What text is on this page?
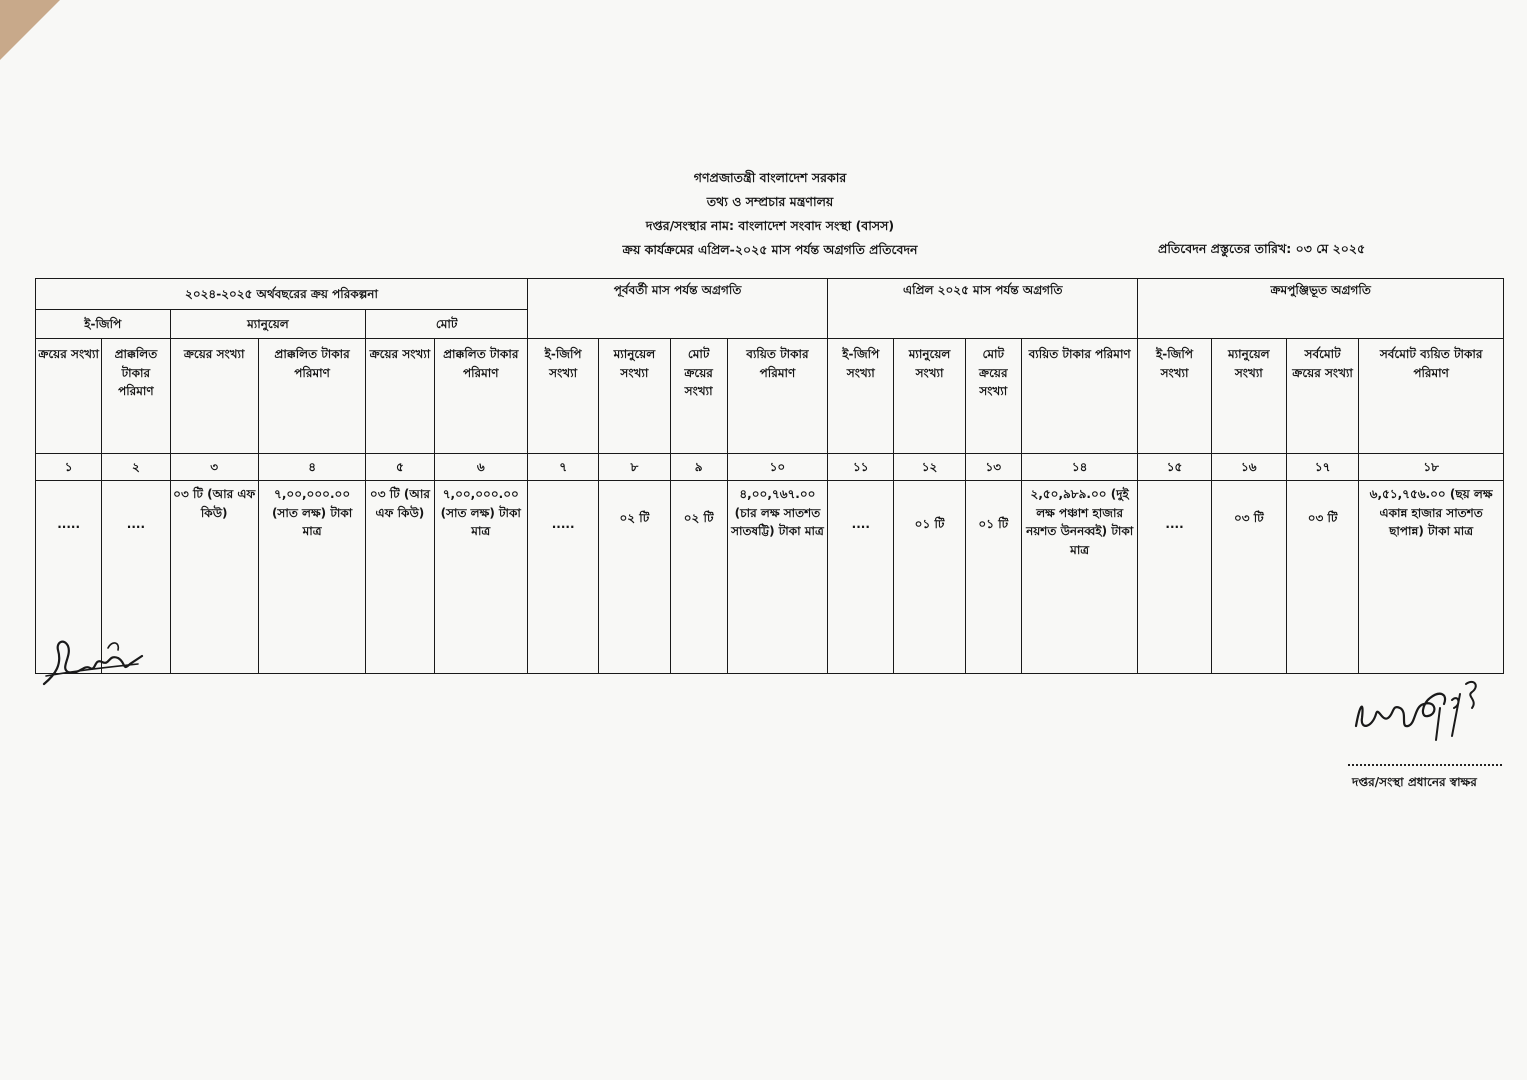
গণপ্রজাতন্ত্রী বাংলাদেশ সরকার
তথ্য ও সম্প্রচার মন্ত্রণালয়
দপ্তর/সংস্থার নাম: বাংলাদেশ সংবাদ সংস্থা (বাসস)
ক্রয় কার্যক্রমের এপ্রিল-২০২৫ মাস পর্যন্ত অগ্রগতি প্রতিবেদন	প্রতিবেদন প্রস্তুতের তারিখ: ০৩ মে ২০২৫
২০২৪-২০২৫ অর্থবছরের ক্রয় পরিকল্পনা						পূর্ববর্তী মাস পর্যন্ত অগ্রগতি				এপ্রিল ২০২৫ মাস পর্যন্ত অগ্রগতি				ক্রমপুঞ্জিভূত অগ্রগতি			
ই-জিপি		ম্যানুয়েল		মোট													
ক্রয়ের সংখ্যা	প্রাক্কলিত টাকার পরিমাণ	ক্রয়ের সংখ্যা	প্রাক্কলিত টাকার পরিমাণ	ক্রয়ের সংখ্যা	প্রাক্কলিত টাকার পরিমাণ	ই-জিপি সংখ্যা	ম্যানুয়েল সংখ্যা	মোট ক্রয়ের সংখ্যা	ব্যয়িত টাকার পরিমাণ	ই-জিপি সংখ্যা	ম্যানুয়েল সংখ্যা	মোট ক্রয়ের সংখ্যা	ব্যয়িত টাকার পরিমাণ	ই-জিপি সংখ্যা	ম্যানুয়েল সংখ্যা	সর্বমোট ক্রয়ের সংখ্যা	সর্বমোট ব্যয়িত টাকার পরিমাণ
১	২	৩	৪	৫	৬	৭	৮	৯	১০	১১	১২	১৩	১৪	১৫	১৬	১৭	১৮
.....	....	০৩ টি (আর এফ কিউ)	৭,০০,০০০.০০ (সাত লক্ষ) টাকা মাত্র	০৩ টি (আর এফ কিউ)	৭,০০,০০০.০০ (সাত লক্ষ) টাকা মাত্র	.....	০২ টি	০২ টি	৪,০০,৭৬৭.০০ (চার লক্ষ সাতশত সাতষট্টি) টাকা মাত্র	....	০১ টি	০১ টি	২,৫০,৯৮৯.০০ (দুই লক্ষ পঞ্চাশ হাজার নয়শত উননব্বই) টাকা মাত্র	....	০৩ টি	০৩ টি	৬,৫১,৭৫৬.০০ (ছয় লক্ষ একান্ন হাজার সাতশত ছাপান্ন) টাকা মাত্র
দপ্তর/সংস্থা প্রধানের স্বাক্ষর
